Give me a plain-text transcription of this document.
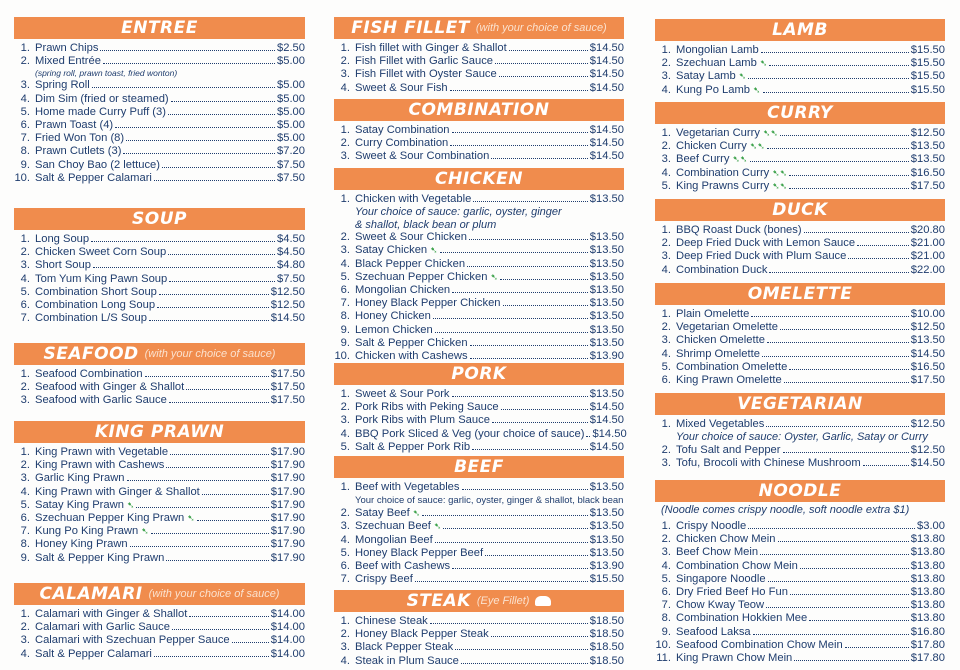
ENTREE
1. Prawn Chips	$2.50
2. Mixed Entrée	$5.00
(spring roll, prawn toast, fried wonton)
3. Spring Roll	$5.00
4. Dim Sim (fried or steamed)	$5.00
5. Home made Curry Puff (3)	$5.00
6. Prawn Toast (4)	$5.00
7. Fried Won Ton (8)	$5.00
8. Prawn Cutlets (3)	$7.20
9. San Choy Bao (2 lettuce)	$7.50
10. Salt & Pepper Calamari	$7.50
SOUP
1. Long Soup	$4.50
2. Chicken Sweet Corn Soup	$4.50
3. Short Soup	$4.80
4. Tom Yum King Pawn Soup	$7.50
5. Combination Short Soup	$12.50
6. Combination Long Soup	$12.50
7. Combination L/S Soup	$14.50
SEAFOOD (with your choice of sauce)
1. Seafood Combination	$17.50
2. Seafood with Ginger & Shallot	$17.50
3. Seafood with Garlic Sauce	$17.50
KING PRAWN
1. King Prawn with Vegetable	$17.90
2. King Prawn with Cashews	$17.90
3. Garlic King Prawn	$17.90
4. King Prawn with Ginger & Shallot	$17.90
5. Satay King Prawn ➷	$17.90
6. Szechuan Pepper King Prawn ➷	$17.90
7. Kung Po King Prawn ➷	$17.90
8. Honey King Prawn	$17.90
9. Salt & Pepper King Prawn	$17.90
CALAMARI (with your choice of sauce)
1. Calamari with Ginger & Shallot	$14.00
2. Calamari with Garlic Sauce	$14.00
3. Calamari with Szechuan Pepper Sauce	$14.00
4. Salt & Pepper Calamari	$14.00
FISH FILLET (with your choice of sauce)
1. Fish fillet with Ginger & Shallot	$14.50
2. Fish Fillet with Garlic Sauce	$14.50
3. Fish Fillet with Oyster Sauce	$14.50
4. Sweet & Sour Fish	$14.50
COMBINATION
1. Satay Combination	$14.50
2. Curry Combination	$14.50
3. Sweet & Sour Combination	$14.50
CHICKEN
1. Chicken with Vegetable	$13.50
Your choice of sauce: garlic, oyster, ginger & shallot, black bean or plum
2. Sweet & Sour Chicken	$13.50
3. Satay Chicken ➷	$13.50
4. Black Pepper Chicken	$13.50
5. Szechuan Pepper Chicken ➷	$13.50
6. Mongolian Chicken	$13.50
7. Honey Black Pepper Chicken	$13.50
8. Honey Chicken	$13.50
9. Lemon Chicken	$13.50
9. Salt & Pepper Chicken	$13.50
10. Chicken with Cashews	$13.90
PORK
1. Sweet & Sour Pork	$13.50
2. Pork Ribs with Peking Sauce	$14.50
3. Pork Ribs with Plum Sauce	$14.50
4. BBQ Pork Sliced & Veg (your choice of sauce) $14.50
5. Salt & Pepper Pork Rib	$14.50
BEEF
1. Beef with Vegetables	$13.50
Your choice of sauce: garlic, oyster, ginger & shallot, black bean
2. Satay Beef ➷	$13.50
3. Szechuan Beef ➷	$13.50
4. Mongolian Beef	$13.50
5. Honey Black Pepper Beef	$13.50
6. Beef with Cashews	$13.90
7. Crispy Beef	$15.50
STEAK (Eye Fillet)
1. Chinese Steak	$18.50
2. Honey Black Pepper Steak	$18.50
3. Black Pepper Steak	$18.50
4. Steak in Plum Sauce	$18.50
LAMB
1. Mongolian Lamb	$15.50
2. Szechuan Lamb ➷	$15.50
3. Satay Lamb ➷	$15.50
4. Kung Po Lamb ➷	$15.50
CURRY
1. Vegetarian Curry ➷➷	$12.50
2. Chicken Curry ➷➷	$13.50
3. Beef Curry ➷➷	$13.50
4. Combination Curry ➷➷	$16.50
5. King Prawns Curry ➷➷	$17.50
DUCK
1. BBQ Roast Duck (bones)	$20.80
2. Deep Fried Duck with Lemon Sauce	$21.00
3. Deep Fried Duck with Plum Sauce	$21.00
4. Combination Duck	$22.00
OMELETTE
1. Plain Omelette	$10.00
2. Vegetarian Omelette	$12.50
3. Chicken Omelette	$13.50
4. Shrimp Omelette	$14.50
5. Combination Omelette	$16.50
6. King Prawn Omelette	$17.50
VEGETARIAN
1. Mixed Vegetables	$12.50
Your choice of sauce: Oyster, Garlic, Satay or Curry
2. Tofu Salt and Pepper	$12.50
3. Tofu, Brocoli with Chinese Mushroom	$14.50
NOODLE
(Noodle comes crispy noodle, soft noodle extra $1)
1. Crispy Noodle	$3.00
2. Chicken Chow Mein	$13.80
3. Beef Chow Mein	$13.80
4. Combination Chow Mein	$13.80
5. Singapore Noodle	$13.80
6. Dry Fried Beef Ho Fun	$13.80
7. Chow Kway Teow	$13.80
8. Combination Hokkien Mee	$13.80
9. Seafood Laksa	$16.80
10. Seafood Combination Chow Mein	$17.80
11. King Prawn Chow Mein	$17.80
